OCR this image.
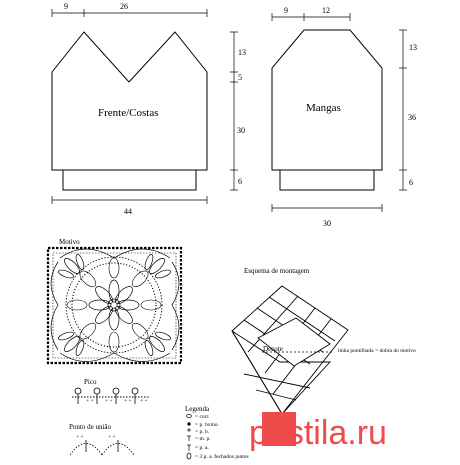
9	26
Frente/Costas
13
5
30
6
44
9	12
Mangas
13
36
6
30
Motivo
Esquema de montagem
Decote	linha pontilhada = dobra do motivo
Pico
+ + + + + + + +
Ponto de união
+ +	+ +
Legenda
= corr.
= p. bxmo.
= p. b.
= m. p.
= p. a.
= 3 p. a. fechados juntos
postila.ru
